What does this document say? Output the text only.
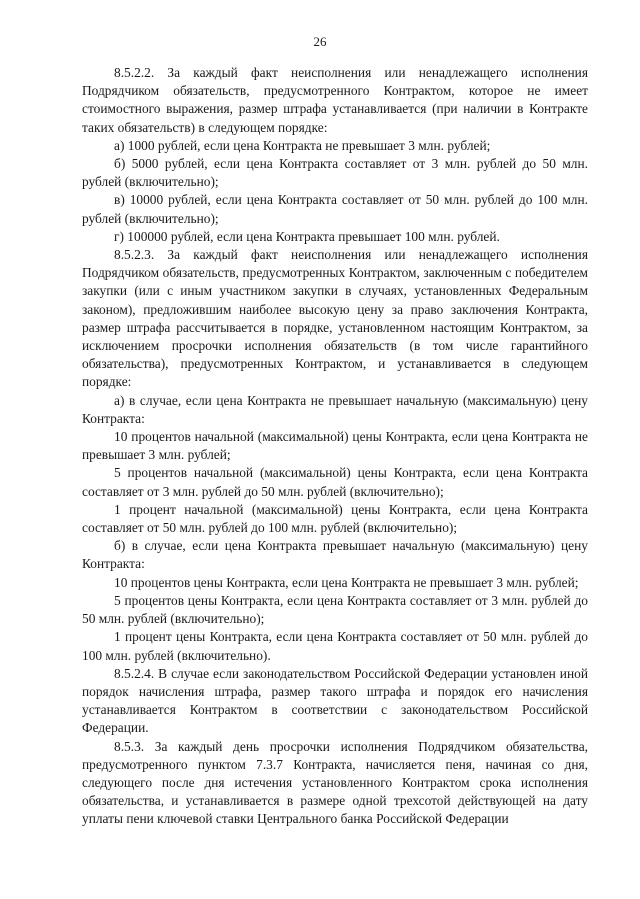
26

8.5.2.2. За каждый факт неисполнения или ненадлежащего исполнения Подрядчиком обязательств, предусмотренного Контрактом, которое не имеет стоимостного выражения, размер штрафа устанавливается (при наличии в Контракте таких обязательств) в следующем порядке:

а) 1000 рублей, если цена Контракта не превышает 3 млн. рублей;

б) 5000 рублей, если цена Контракта составляет от 3 млн. рублей до 50 млн. рублей (включительно);

в) 10000 рублей, если цена Контракта составляет от 50 млн. рублей до 100 млн. рублей (включительно);

г) 100000 рублей, если цена Контракта превышает 100 млн. рублей.

8.5.2.3. За каждый факт неисполнения или ненадлежащего исполнения Подрядчиком обязательств, предусмотренных Контрактом, заключенным с победителем закупки (или с иным участником закупки в случаях, установленных Федеральным законом), предложившим наиболее высокую цену за право заключения Контракта, размер штрафа рассчитывается в порядке, установленном настоящим Контрактом, за исключением просрочки исполнения обязательств (в том числе гарантийного обязательства), предусмотренных Контрактом, и устанавливается в следующем порядке:

а) в случае, если цена Контракта не превышает начальную (максимальную) цену Контракта:

10 процентов начальной (максимальной) цены Контракта, если цена Контракта не превышает 3 млн. рублей;

5 процентов начальной (максимальной) цены Контракта, если цена Контракта составляет от 3 млн. рублей до 50 млн. рублей (включительно);

1 процент начальной (максимальной) цены Контракта, если цена Контракта составляет от 50 млн. рублей до 100 млн. рублей (включительно);

б) в случае, если цена Контракта превышает начальную (максимальную) цену Контракта:

10 процентов цены Контракта, если цена Контракта не превышает 3 млн. рублей;

5 процентов цены Контракта, если цена Контракта составляет от 3 млн. рублей до 50 млн. рублей (включительно);

1 процент цены Контракта, если цена Контракта составляет от 50 млн. рублей до 100 млн. рублей (включительно).

8.5.2.4. В случае если законодательством Российской Федерации установлен иной порядок начисления штрафа, размер такого штрафа и порядок его начисления устанавливается Контрактом в соответствии с законодательством Российской Федерации.

8.5.3. За каждый день просрочки исполнения Подрядчиком обязательства, предусмотренного пунктом 7.3.7 Контракта, начисляется пеня, начиная со дня, следующего после дня истечения установленного Контрактом срока исполнения обязательства, и устанавливается в размере одной трехсотой действующей на дату уплаты пени ключевой ставки Центрального банка Российской Федерации
